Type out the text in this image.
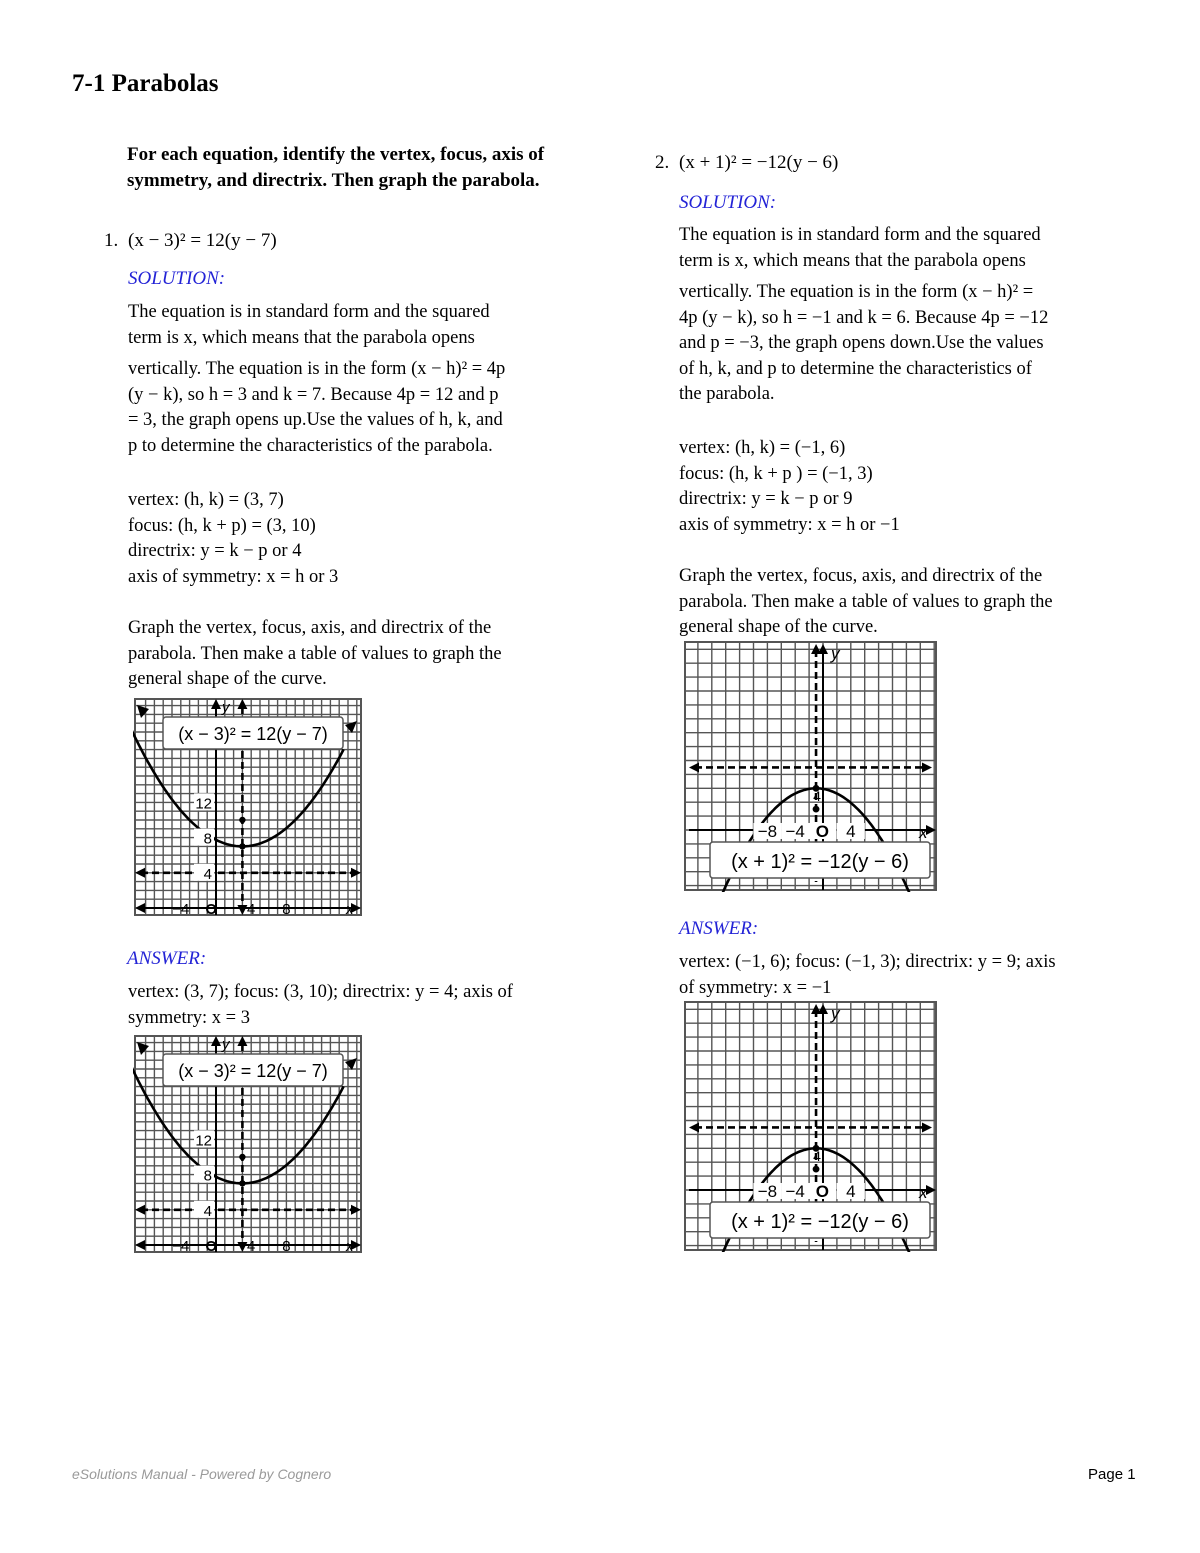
7-1 Parabolas
For each equation, identify the vertex, focus, axis of symmetry, and directrix. Then graph the parabola.
1. (x − 3)² = 12(y − 7)
SOLUTION:
The equation is in standard form and the squared
term is x, which means that the parabola opens
vertically. The equation is in the form (x − h)² = 4p
(y − k), so h = 3 and k = 7. Because 4p = 12 and p
= 3, the graph opens up.Use the values of h, k, and
p to determine the characteristics of the parabola.
vertex: (h, k) = (3, 7)
focus: (h, k + p) = (3, 10)
directrix: y = k − p or 4
axis of symmetry: x = h or 3
Graph the vertex, focus, axis, and directrix of the
parabola. Then make a table of values to graph the
general shape of the curve.
(x − 3)² = 12(y − 7)
12
8
4
−4 O 4 8
y
x
ANSWER:
vertex: (3, 7); focus: (3, 10); directrix: y = 4; axis of
symmetry: x = 3
(x − 3)² = 12(y − 7)
12
8
4
−4 O 4 8
y
x
2. (x + 1)² = −12(y − 6)
SOLUTION:
The equation is in standard form and the squared
term is x, which means that the parabola opens
vertically. The equation is in the form (x − h)² =
4p (y − k), so h = −1 and k = 6. Because 4p = −12
and p = −3, the graph opens down.Use the values
of h, k, and p to determine the characteristics of
the parabola.
vertex: (h, k) = (−1, 6)
focus: (h, k + p ) = (−1, 3)
directrix: y = k − p or 9
axis of symmetry: x = h or −1
Graph the vertex, focus, axis, and directrix of the
parabola. Then make a table of values to graph the
general shape of the curve.
(x + 1)² = −12(y − 6)
4
−8 −4 O 4
y
x
ANSWER:
vertex: (−1, 6); focus: (−1, 3); directrix: y = 9; axis
of symmetry: x = −1
(x + 1)² = −12(y − 6)
4
−8 −4 O 4
y
x
eSolutions Manual - Powered by Cognero	Page 1
